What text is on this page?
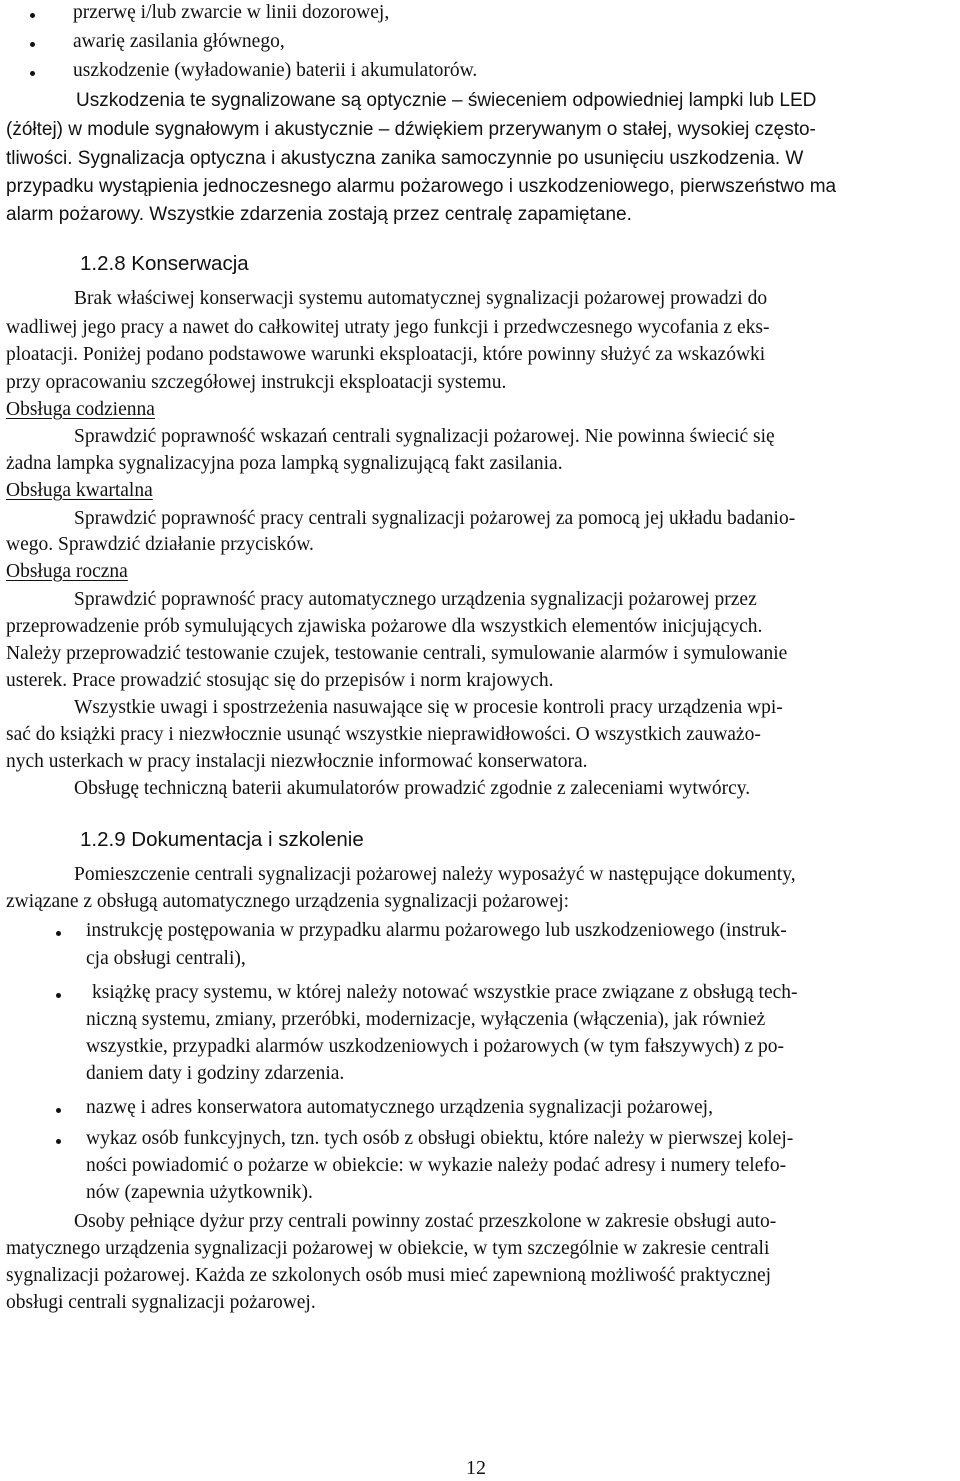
przerwę i/lub zwarcie w linii dozorowej,
awarię zasilania głównego,
uszkodzenie (wyładowanie) baterii i akumulatorów.
Uszkodzenia te sygnalizowane są optycznie – świeceniem odpowiedniej lampki lub LED
(żółtej) w module sygnałowym i akustycznie – dźwiękiem przerywanym o stałej, wysokiej często-
tliwości. Sygnalizacja optyczna i akustyczna zanika samoczynnie po usunięciu uszkodzenia. W
przypadku wystąpienia jednoczesnego alarmu pożarowego i uszkodzeniowego, pierwszeństwo ma
alarm pożarowy. Wszystkie zdarzenia zostają przez centralę zapamiętane.
1.2.8 Konserwacja
Brak właściwej konserwacji systemu automatycznej sygnalizacji pożarowej prowadzi do
wadliwej jego pracy a nawet do całkowitej utraty jego funkcji i przedwczesnego wycofania z eks-
ploatacji. Poniżej podano podstawowe warunki eksploatacji, które powinny służyć za wskazówki
przy opracowaniu szczegółowej instrukcji eksploatacji systemu.
Obsługa codzienna
Sprawdzić poprawność wskazań centrali sygnalizacji pożarowej. Nie powinna świecić się
żadna lampka sygnalizacyjna poza lampką sygnalizującą fakt zasilania.
Obsługa kwartalna
Sprawdzić poprawność pracy centrali sygnalizacji pożarowej za pomocą jej układu badanio-
wego. Sprawdzić działanie przycisków.
Obsługa roczna
Sprawdzić poprawność pracy automatycznego urządzenia sygnalizacji pożarowej przez
przeprowadzenie prób symulujących zjawiska pożarowe dla wszystkich elementów inicjujących.
Należy przeprowadzić testowanie czujek, testowanie centrali, symulowanie alarmów i symulowanie
usterek. Prace prowadzić stosując się do przepisów i norm krajowych.
Wszystkie uwagi i spostrzeżenia nasuwające się w procesie kontroli pracy urządzenia wpi-
sać do książki pracy i niezwłocznie usunąć wszystkie nieprawidłowości. O wszystkich zauważo-
nych usterkach w pracy instalacji niezwłocznie informować konserwatora.
Obsługę techniczną baterii akumulatorów prowadzić zgodnie z zaleceniami wytwórcy.
1.2.9 Dokumentacja i szkolenie
Pomieszczenie centrali sygnalizacji pożarowej należy wyposażyć w następujące dokumenty,
związane z obsługą automatycznego urządzenia sygnalizacji pożarowej:
instrukcję postępowania w przypadku alarmu pożarowego lub uszkodzeniowego (instruk-
cja obsługi centrali),
książkę pracy systemu, w której należy notować wszystkie prace związane z obsługą tech-
niczną systemu, zmiany, przeróbki, modernizacje, wyłączenia (włączenia), jak również
wszystkie, przypadki alarmów uszkodzeniowych i pożarowych (w tym fałszywych) z po-
daniem daty i godziny zdarzenia.
nazwę i adres konserwatora automatycznego urządzenia sygnalizacji pożarowej,
wykaz osób funkcyjnych, tzn. tych osób z obsługi obiektu, które należy w pierwszej kolej-
ności powiadomić o pożarze w obiekcie: w wykazie należy podać adresy i numery telefo-
nów (zapewnia użytkownik).
Osoby pełniące dyżur przy centrali powinny zostać przeszkolone w zakresie obsługi auto-
matycznego urządzenia sygnalizacji pożarowej w obiekcie, w tym szczególnie w zakresie centrali
sygnalizacji pożarowej. Każda ze szkolonych osób musi mieć zapewnioną możliwość praktycznej
obsługi centrali sygnalizacji pożarowej.
12
